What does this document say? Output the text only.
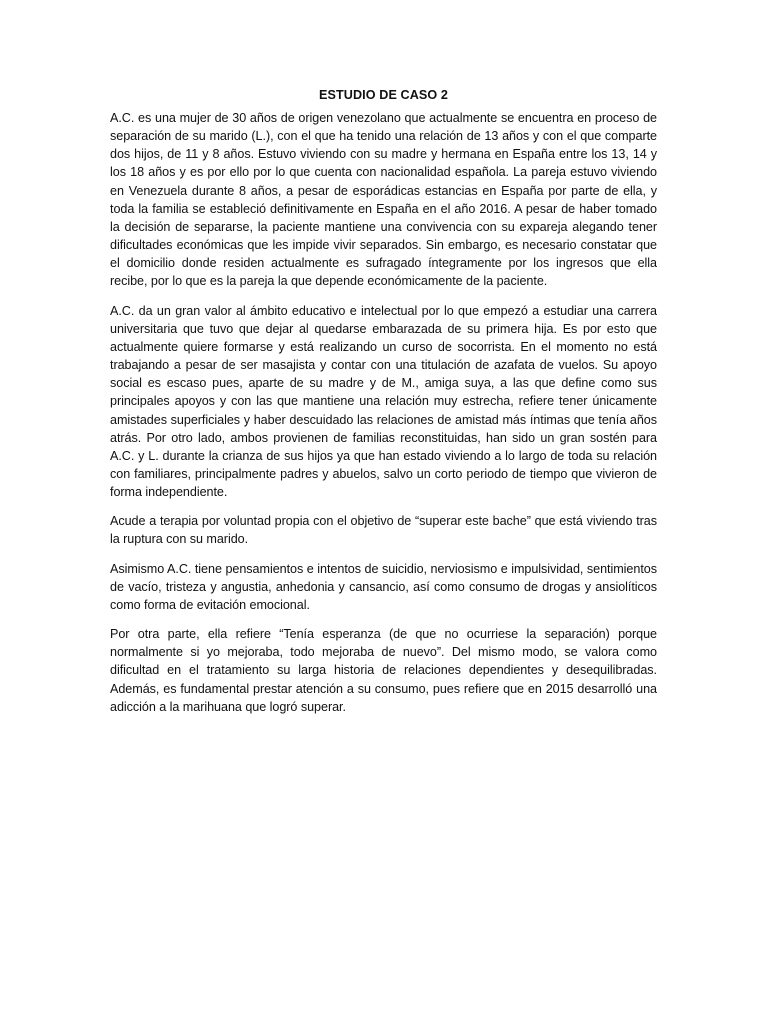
ESTUDIO DE CASO 2

A.C. es una mujer de 30 años de origen venezolano que actualmente se encuentra en proceso de separación de su marido (L.), con el que ha tenido una relación de 13 años y con el que comparte dos hijos, de 11 y 8 años. Estuvo viviendo con su madre y hermana en España entre los 13, 14 y los 18 años y es por ello por lo que cuenta con nacionalidad española. La pareja estuvo viviendo en Venezuela durante 8 años, a pesar de esporádicas estancias en España por parte de ella, y toda la familia se estableció definitivamente en España en el año 2016. A pesar de haber tomado la decisión de separarse, la paciente mantiene una convivencia con su expareja alegando tener dificultades económicas que les impide vivir separados. Sin embargo, es necesario constatar que el domicilio donde residen actualmente es sufragado íntegramente por los ingresos que ella recibe, por lo que es la pareja la que depende económicamente de la paciente.

A.C. da un gran valor al ámbito educativo e intelectual por lo que empezó a estudiar una carrera universitaria que tuvo que dejar al quedarse embarazada de su primera hija. Es por esto que actualmente quiere formarse y está realizando un curso de socorrista. En el momento no está trabajando a pesar de ser masajista y contar con una titulación de azafata de vuelos. Su apoyo social es escaso pues, aparte de su madre y de M., amiga suya, a las que define como sus principales apoyos y con las que mantiene una relación muy estrecha, refiere tener únicamente amistades superficiales y haber descuidado las relaciones de amistad más íntimas que tenía años atrás. Por otro lado, ambos provienen de familias reconstituidas, han sido un gran sostén para A.C. y L. durante la crianza de sus hijos ya que han estado viviendo a lo largo de toda su relación con familiares, principalmente padres y abuelos, salvo un corto periodo de tiempo que vivieron de forma independiente.

Acude a terapia por voluntad propia con el objetivo de “superar este bache” que está viviendo tras la ruptura con su marido.

Asimismo A.C. tiene pensamientos e intentos de suicidio, nerviosismo e impulsividad, sentimientos de vacío, tristeza y angustia, anhedonia y cansancio, así como consumo de drogas y ansiolíticos como forma de evitación emocional.

Por otra parte, ella refiere “Tenía esperanza (de que no ocurriese la separación) porque normalmente si yo mejoraba, todo mejoraba de nuevo”. Del mismo modo, se valora como dificultad en el tratamiento su larga historia de relaciones dependientes y desequilibradas. Además, es fundamental prestar atención a su consumo, pues refiere que en 2015 desarrolló una adicción a la marihuana que logró superar.
